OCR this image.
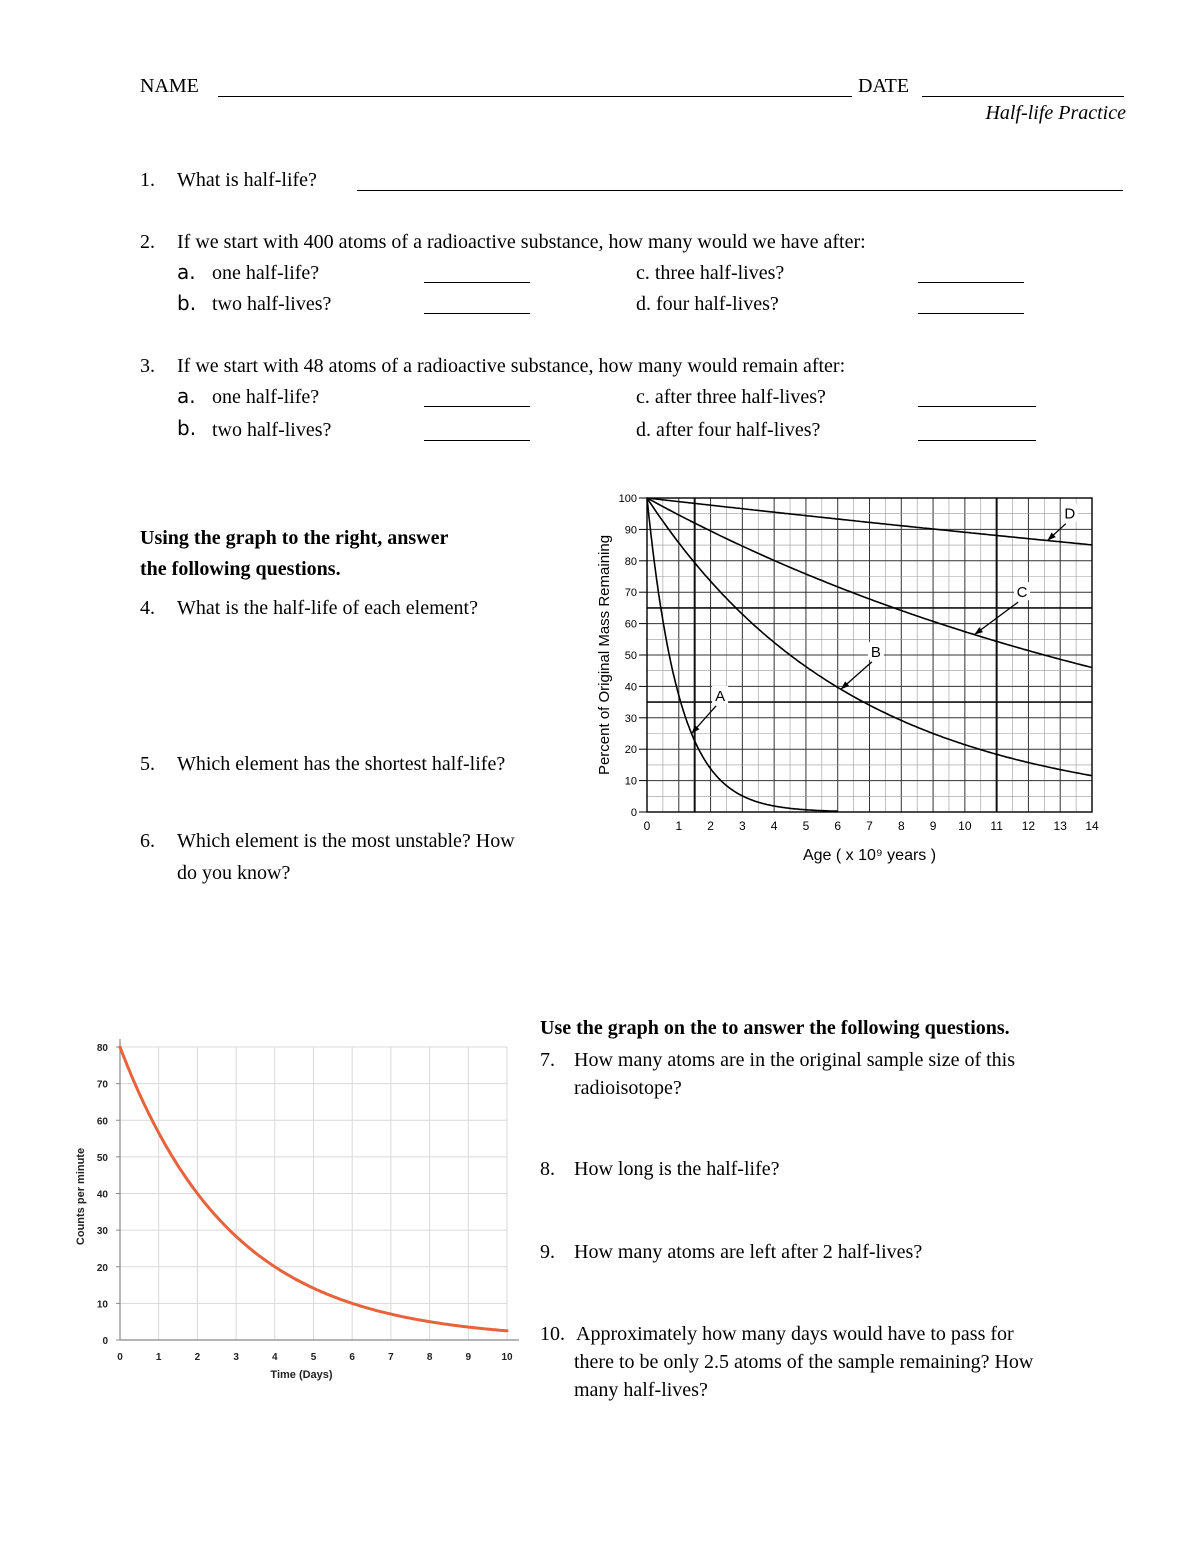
NAME	DATE
Half-life Practice
1. What is half-life?
2. If we start with 400 atoms of a radioactive substance, how many would we have after:
a. one half-life?	c. three half-lives?
b. two half-lives?	d. four half-lives?
3. If we start with 48 atoms of a radioactive substance, how many would remain after:
a. one half-life?	c. after three half-lives?
b. two half-lives?	d. after four half-lives?
Using the graph to the right, answer
the following questions.
4. What is the half-life of each element?
5. Which element has the shortest half-life?
6. Which element is the most unstable? How
do you know?
0
10
20
30
40
50
60
70
80
90
100
0 1 2 3 4 5 6 7 8 9 10 11 12 13 14
Age ( x 10⁹ years )
Percent of Original Mass Remaining	A
B
C
D
Use the graph on the to answer the following questions.
7. How many atoms are in the original sample size of this
radioisotope?
8. How long is the half-life?
9. How many atoms are left after 2 half-lives?
10. Approximately how many days would have to pass for
there to be only 2.5 atoms of the sample remaining? How
many half-lives?
0
10
20
30
40
50
60
70
80
0	1	2	3	4	5	6	7	8	9	10
Time (Days)
Counts per minute
